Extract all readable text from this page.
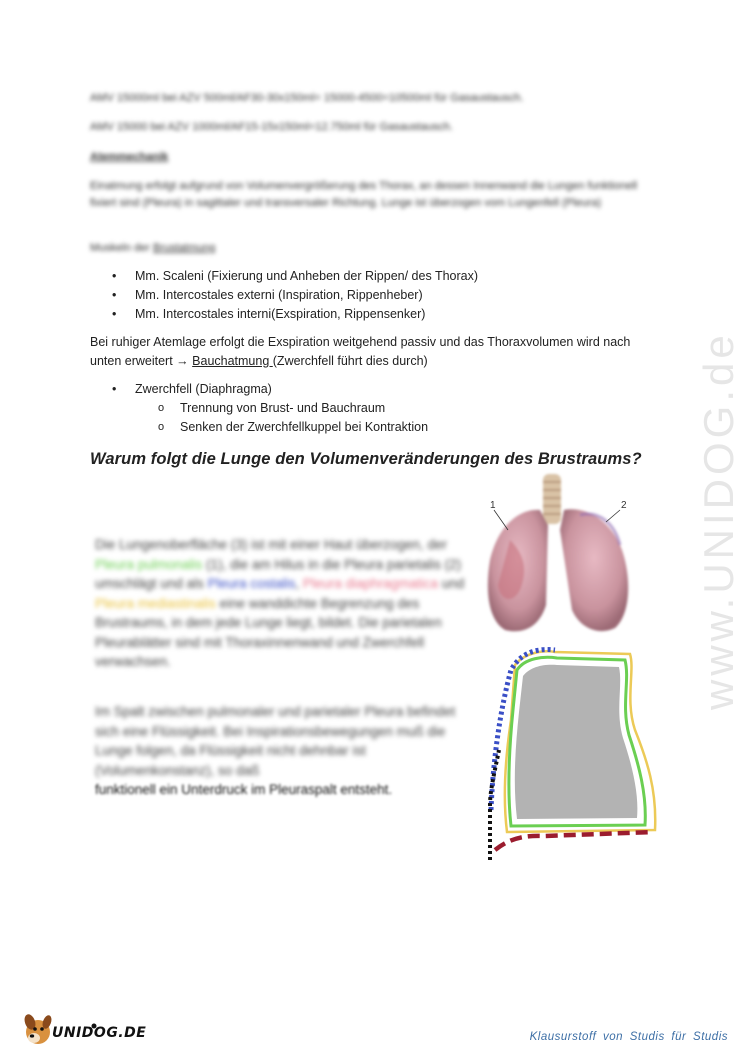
AMV 15000ml bei AZV 500ml/AF30-30x150ml= 15000-4500=10500ml für Gasaustausch.

AMV 15000 bei AZV 1000ml/AF15-15x150ml=12.750ml für Gasaustausch.

Atemmechanik

Einatmung erfolgt aufgrund von Volumenvergrößerung des Thorax, an dessen Innenwand die Lungen funktionell fixiert sind (Pleura) in sagittaler und transversaler Richtung. Lunge ist überzogen vom Lungenfell (Pleura)

Muskeln der Brustatmung

• Mm. Scaleni (Fixierung und Anheben der Rippen/ des Thorax)
• Mm. Intercostales externi (Inspiration, Rippenheber)
• Mm. Intercostales interni(Exspiration, Rippensenker)

Bei ruhiger Atemlage erfolgt die Exspiration weitgehend passiv und das Thoraxvolumen wird nach
unten erweitert → Bauchatmung (Zwerchfell führt dies durch)

• Zwerchfell (Diaphragma)
o Trennung von Brust- und Bauchraum
o Senken der Zwerchfellkuppel bei Kontraktion
Warum folgt die Lunge den Volumenveränderungen des Brustraums?

Die Lungenoberfläche (3) ist mit einer Haut überzogen, der Pleura pulmonalis (1), die am Hilus in die Pleura parietalis (2) umschlägt und als Pleura costalis, Pleura diaphragmatica und Pleura mediastinalis eine wanddichte Begrenzung des Brustraums, in dem jede Lunge liegt, bildet. Die parietalen Pleurablätter sind mit Thoraxinnenwand und Zwerchfell verwachsen.

Im Spalt zwischen pulmonaler und parietaler Pleura befindet sich eine Flüssigkeit. Bei Inspirationsbewegungen muß die Lunge folgen, da Flüssigkeit nicht dehnbar ist (Volumenkonstanz), so daß

funktionell ein Unterdruck im Pleuraspalt entsteht.

1	2 www.UNIDOG.de
UNIDOG.DE	Klausurstoff von Studis für Studis
